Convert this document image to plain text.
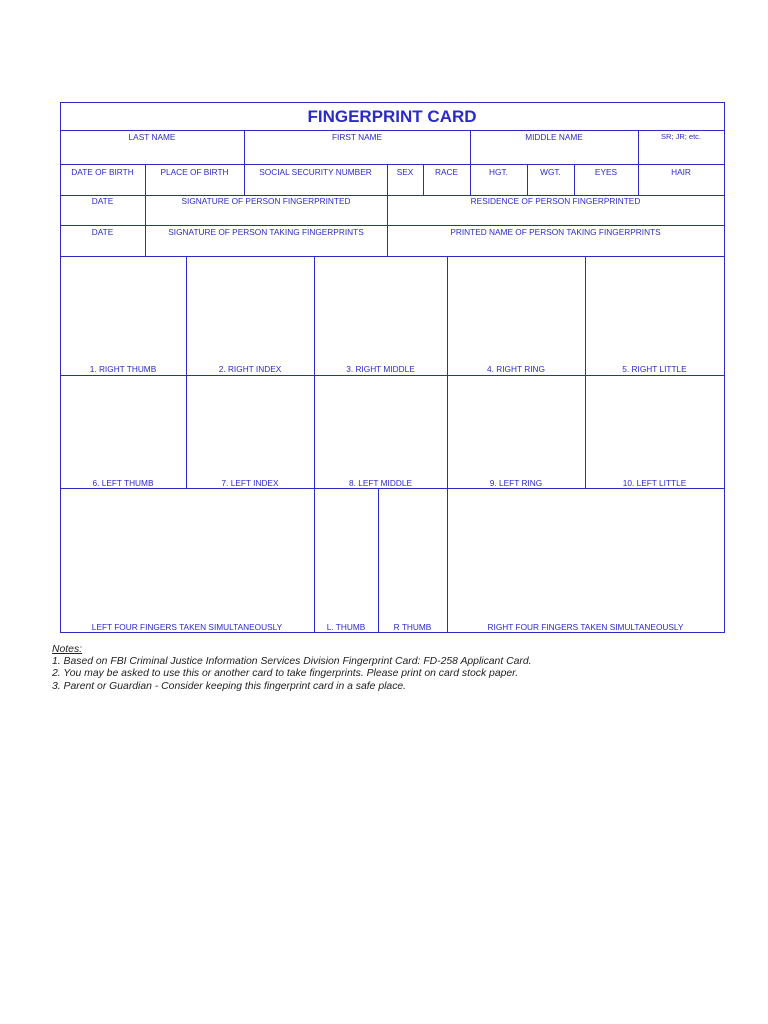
FINGERPRINT CARD
LAST NAME	FIRST NAME	MIDDLE NAME	SR; JR; etc.
DATE OF BIRTH	PLACE OF BIRTH	SOCIAL SECURITY NUMBER	SEX	RACE	HGT.	WGT.	EYES	HAIR
DATE	SIGNATURE OF PERSON FINGERPRINTED	RESIDENCE OF PERSON FINGERPRINTED
DATE	SIGNATURE OF PERSON TAKING FINGERPRINTS	PRINTED NAME OF PERSON TAKING FINGERPRINTS
1. RIGHT THUMB	2. RIGHT INDEX	3. RIGHT MIDDLE	4. RIGHT RING	5. RIGHT LITTLE
6. LEFT THUMB	7. LEFT INDEX	8. LEFT MIDDLE	9. LEFT RING	10. LEFT LITTLE
LEFT FOUR FINGERS TAKEN SIMULTANEOUSLY	L. THUMB	R THUMB	RIGHT FOUR FINGERS TAKEN SIMULTANEOUSLY
Notes:
1. Based on FBI Criminal Justice Information Services Division Fingerprint Card: FD-258 Applicant Card.
2. You may be asked to use this or another card to take fingerprints. Please print on card stock paper.
3. Parent or Guardian - Consider keeping this fingerprint card in a safe place.
